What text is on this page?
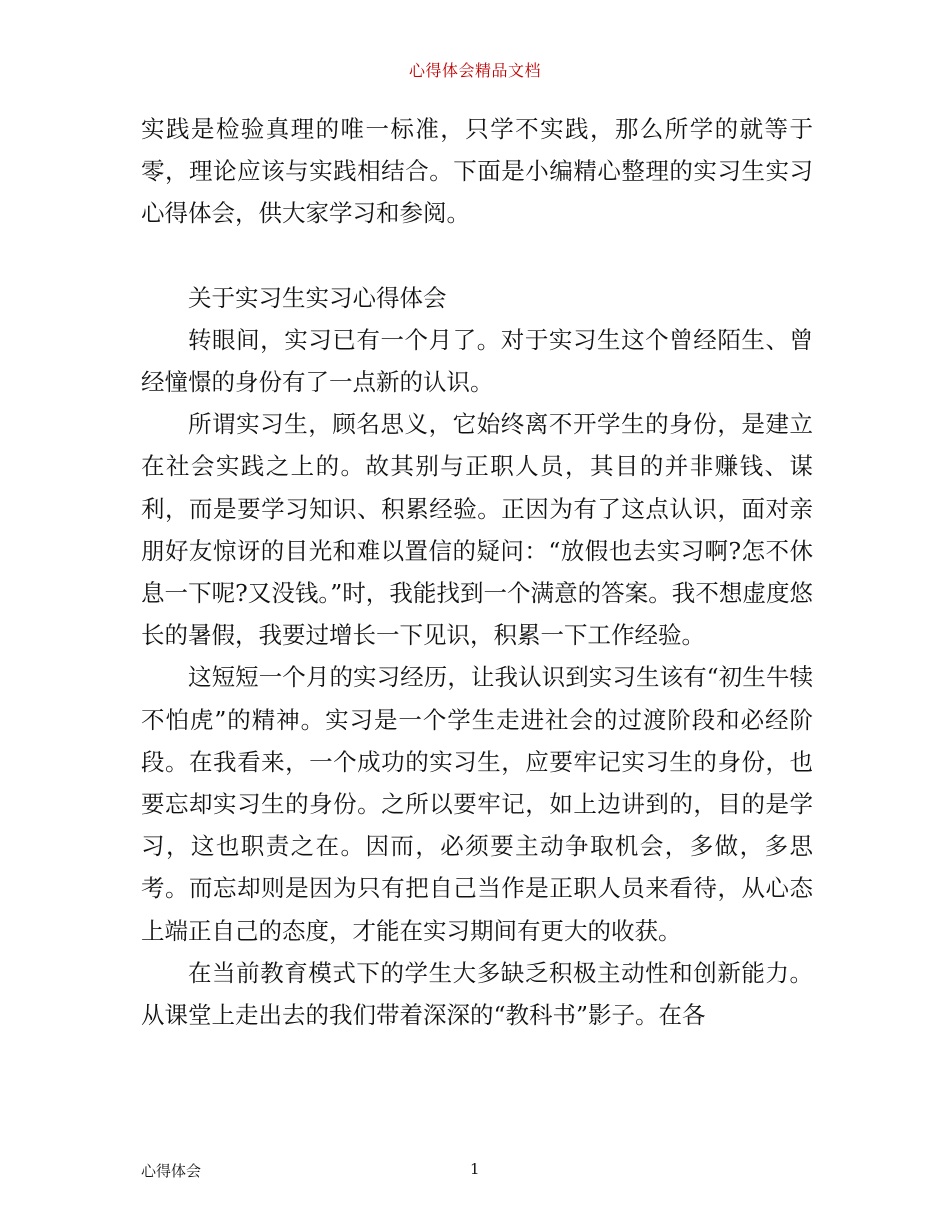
心得体会精品文档

实践是检验真理的唯一标准，只学不实践，那么所学的就等于零，理论应该与实践相结合。下面是小编精心整理的实习生实习心得体会，供大家学习和参阅。

关于实习生实习心得体会

转眼间，实习已有一个月了。对于实习生这个曾经陌生、曾经憧憬的身份有了一点新的认识。

所谓实习生，顾名思义，它始终离不开学生的身份，是建立在社会实践之上的。故其别与正职人员，其目的并非赚钱、谋利，而是要学习知识、积累经验。正因为有了这点认识，面对亲朋好友惊讶的目光和难以置信的疑问：“放假也去实习啊?怎不休息一下呢?又没钱。”时，我能找到一个满意的答案。我不想虚度悠长的暑假，我要过增长一下见识，积累一下工作经验。

这短短一个月的实习经历，让我认识到实习生该有“初生牛犊不怕虎”的精神。实习是一个学生走进社会的过渡阶段和必经阶段。在我看来，一个成功的实习生，应要牢记实习生的身份，也要忘却实习生的身份。之所以要牢记，如上边讲到的，目的是学习，这也职责之在。因而，必须要主动争取机会，多做，多思考。而忘却则是因为只有把自己当作是正职人员来看待，从心态上端正自己的态度，才能在实习期间有更大的收获。

在当前教育模式下的学生大多缺乏积极主动性和创新能力。从课堂上走出去的我们带着深深的“教科书”影子。在各

心得体会	1
